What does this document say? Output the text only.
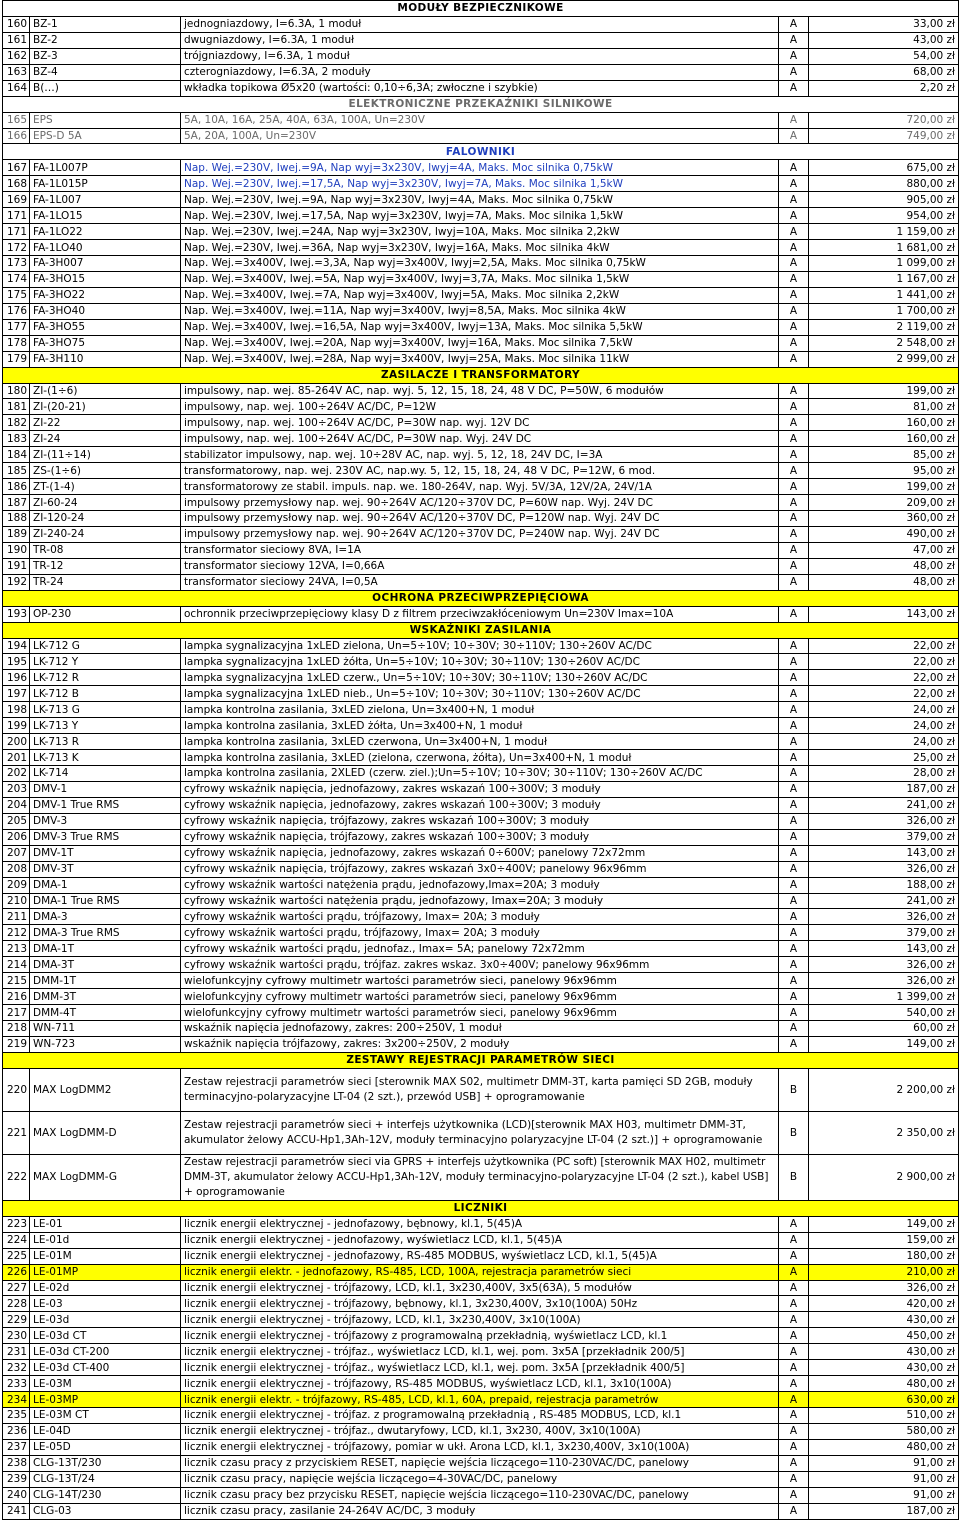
MODUŁY BEZPIECZNIKOWE				
160	BZ-1	jednogniazdowy, I=6.3A, 1 moduł	A	33,00 zł
161	BZ-2	dwugniazdowy, I=6.3A, 1 moduł	A	43,00 zł
162	BZ-3	trójgniazdowy, I=6.3A, 1 moduł	A	54,00 zł
163	BZ-4	czterogniazdowy, I=6.3A, 2 moduły	A	68,00 zł
164	B(…)	wkładka topikowa Ø5x20 (wartości: 0,10÷6,3A; zwłoczne i szybkie)	A	2,20 zł
ELEKTRONICZNE PRZEKAŹNIKI SILNIKOWE				
165	EPS	5A, 10A, 16A, 25A, 40A, 63A, 100A, Un=230V	A	720,00 zł
166	EPS-D 5A	5A, 20A, 100A, Un=230V	A	749,00 zł
FALOWNIKI				
167	FA-1L007P	Nap. Wej.=230V, Iwej.=9A, Nap wyj=3x230V, Iwyj=4A, Maks. Moc silnika 0,75kW	A	675,00 zł
168	FA-1L015P	Nap. Wej.=230V, Iwej.=17,5A, Nap wyj=3x230V, Iwyj=7A, Maks. Moc silnika 1,5kW	A	880,00 zł
169	FA-1L007	Nap. Wej.=230V, Iwej.=9A, Nap wyj=3x230V, Iwyj=4A, Maks. Moc silnika 0,75kW	A	905,00 zł
171	FA-1LO15	Nap. Wej.=230V, Iwej.=17,5A, Nap wyj=3x230V, Iwyj=7A, Maks. Moc silnika 1,5kW	A	954,00 zł
171	FA-1LO22	Nap. Wej.=230V, Iwej.=24A, Nap wyj=3x230V, Iwyj=10A, Maks. Moc silnika 2,2kW	A	1 159,00 zł
172	FA-1LO40	Nap. Wej.=230V, Iwej.=36A, Nap wyj=3x230V, Iwyj=16A, Maks. Moc silnika 4kW	A	1 681,00 zł
173	FA-3H007	Nap. Wej.=3x400V, Iwej.=3,3A, Nap wyj=3x400V, Iwyj=2,5A, Maks. Moc silnika 0,75kW	A	1 099,00 zł
174	FA-3HO15	Nap. Wej.=3x400V, Iwej.=5A, Nap wyj=3x400V, Iwyj=3,7A, Maks. Moc silnika 1,5kW	A	1 167,00 zł
175	FA-3HO22	Nap. Wej.=3x400V, Iwej.=7A, Nap wyj=3x400V, Iwyj=5A, Maks. Moc silnika 2,2kW	A	1 441,00 zł
176	FA-3HO40	Nap. Wej.=3x400V, Iwej.=11A, Nap wyj=3x400V, Iwyj=8,5A, Maks. Moc silnika 4kW	A	1 700,00 zł
177	FA-3HO55	Nap. Wej.=3x400V, Iwej.=16,5A, Nap wyj=3x400V, Iwyj=13A, Maks. Moc silnika 5,5kW	A	2 119,00 zł
178	FA-3HO75	Nap. Wej.=3x400V, Iwej.=20A, Nap wyj=3x400V, Iwyj=16A, Maks. Moc silnika 7,5kW	A	2 548,00 zł
179	FA-3H110	Nap. Wej.=3x400V, Iwej.=28A, Nap wyj=3x400V, Iwyj=25A, Maks. Moc silnika 11kW	A	2 999,00 zł
ZASILACZE I TRANSFORMATORY				
180	ZI-(1÷6)	impulsowy, nap. wej. 85-264V AC, nap. wyj. 5, 12, 15, 18, 24, 48 V DC, P=50W, 6 modułów	A	199,00 zł
181	ZI-(20-21)	impulsowy, nap. wej. 100÷264V AC/DC, P=12W	A	81,00 zł
182	ZI-22	impulsowy, nap. wej. 100÷264V AC/DC, P=30W nap. wyj. 12V DC	A	160,00 zł
183	ZI-24	impulsowy, nap. wej. 100÷264V AC/DC, P=30W nap. Wyj. 24V DC	A	160,00 zł
184	ZI-(11÷14)	stabilizator impulsowy, nap. wej. 10÷28V AC, nap. wyj. 5, 12, 18, 24V DC, I=3A	A	85,00 zł
185	ZS-(1÷6)	transformatorowy, nap. wej. 230V AC, nap.wy. 5, 12, 15, 18, 24, 48 V DC, P=12W, 6 mod.	A	95,00 zł
186	ZT-(1-4)	transformatorowy ze stabil. impuls. nap. we. 180-264V, nap. Wyj. 5V/3A, 12V/2A, 24V/1A	A	199,00 zł
187	ZI-60-24	impulsowy przemysłowy nap. wej. 90÷264V AC/120÷370V DC, P=60W nap. Wyj. 24V DC	A	209,00 zł
188	ZI-120-24	impulsowy przemysłowy nap. wej. 90÷264V AC/120÷370V DC, P=120W nap. Wyj. 24V DC	A	360,00 zł
189	ZI-240-24	impulsowy przemysłowy nap. wej. 90÷264V AC/120÷370V DC, P=240W nap. Wyj. 24V DC	A	490,00 zł
190	TR-08	transformator sieciowy 8VA, I=1A	A	47,00 zł
191	TR-12	transformator sieciowy 12VA, I=0,66A	A	48,00 zł
192	TR-24	transformator sieciowy 24VA, I=0,5A	A	48,00 zł
OCHRONA PRZECIWPRZEPIĘCIOWA				
193	OP-230	ochronnik przeciwprzepięciowy klasy D z filtrem przeciwzakłóceniowym Un=230V Imax=10A	A	143,00 zł
WSKAŹNIKI ZASILANIA				
194	LK-712 G	lampka sygnalizacyjna 1xLED zielona, Un=5÷10V; 10÷30V; 30÷110V; 130÷260V AC/DC	A	22,00 zł
195	LK-712 Y	lampka sygnalizacyjna 1xLED żółta, Un=5÷10V; 10÷30V; 30÷110V; 130÷260V AC/DC	A	22,00 zł
196	LK-712 R	lampka sygnalizacyjna 1xLED czerw., Un=5÷10V; 10÷30V; 30÷110V; 130÷260V AC/DC	A	22,00 zł
197	LK-712 B	lampka sygnalizacyjna 1xLED nieb., Un=5÷10V; 10÷30V; 30÷110V; 130÷260V AC/DC	A	22,00 zł
198	LK-713 G	lampka kontrolna zasilania, 3xLED zielona, Un=3x400+N, 1 moduł	A	24,00 zł
199	LK-713 Y	lampka kontrolna zasilania, 3xLED żółta, Un=3x400+N, 1 moduł	A	24,00 zł
200	LK-713 R	lampka kontrolna zasilania, 3xLED czerwona, Un=3x400+N, 1 moduł	A	24,00 zł
201	LK-713 K	lampka kontrolna zasilania, 3xLED (zielona, czerwona, żółta), Un=3x400+N, 1 moduł	A	25,00 zł
202	LK-714	lampka kontrolna zasilania, 2XLED (czerw. ziel.);Un=5÷10V; 10÷30V; 30÷110V; 130÷260V AC/DC	A	28,00 zł
203	DMV-1	cyfrowy wskaźnik napięcia, jednofazowy, zakres wskazań 100÷300V; 3 moduły	A	187,00 zł
204	DMV-1 True RMS	cyfrowy wskaźnik napięcia, jednofazowy, zakres wskazań 100÷300V; 3 moduły	A	241,00 zł
205	DMV-3	cyfrowy wskaźnik napięcia, trójfazowy, zakres wskazań 100÷300V; 3 moduły	A	326,00 zł
206	DMV-3 True RMS	cyfrowy wskaźnik napięcia, trójfazowy, zakres wskazań 100÷300V; 3 moduły	A	379,00 zł
207	DMV-1T	cyfrowy wskaźnik napięcia, jednofazowy, zakres wskazań 0÷600V; panelowy 72x72mm	A	143,00 zł
208	DMV-3T	cyfrowy wskaźnik napięcia, trójfazowy, zakres wskazań 3x0÷400V; panelowy 96x96mm	A	326,00 zł
209	DMA-1	cyfrowy wskaźnik wartości natężenia prądu, jednofazowy,Imax=20A; 3 moduły	A	188,00 zł
210	DMA-1 True RMS	cyfrowy wskaźnik wartości natężenia prądu, jednofazowy, Imax=20A; 3 moduły	A	241,00 zł
211	DMA-3	cyfrowy wskaźnik wartości prądu, trójfazowy, Imax= 20A; 3 moduły	A	326,00 zł
212	DMA-3 True RMS	cyfrowy wskaźnik wartości prądu, trójfazowy, Imax= 20A; 3 moduły	A	379,00 zł
213	DMA-1T	cyfrowy wskaźnik wartości prądu, jednofaz., Imax= 5A; panelowy 72x72mm	A	143,00 zł
214	DMA-3T	cyfrowy wskaźnik wartości prądu, trójfaz. zakres wskaz. 3x0÷400V; panelowy 96x96mm	A	326,00 zł
215	DMM-1T	wielofunkcyjny cyfrowy multimetr wartości parametrów sieci, panelowy 96x96mm	A	326,00 zł
216	DMM-3T	wielofunkcyjny cyfrowy multimetr wartości parametrów sieci, panelowy 96x96mm	A	1 399,00 zł
217	DMM-4T	wielofunkcyjny cyfrowy multimetr wartości parametrów sieci, panelowy 96x96mm	A	540,00 zł
218	WN-711	wskaźnik napięcia jednofazowy, zakres: 200÷250V, 1 moduł	A	60,00 zł
219	WN-723	wskaźnik napięcia trójfazowy, zakres: 3x200÷250V, 2 moduły	A	149,00 zł
ZESTAWY REJESTRACJI PARAMETRÓW SIECI				
220	MAX LogDMM2	Zestaw rejestracji parametrów sieci [sterownik MAX S02, multimetr DMM-3T, karta pamięci SD 2GB, moduły terminacyjno-polaryzacyjne LT-04 (2 szt.), przewód USB] + oprogramowanie	B	2 200,00 zł
221	MAX LogDMM-D	Zestaw rejestracji parametrów sieci + interfejs użytkownika (LCD)[sterownik MAX H03, multimetr DMM-3T, akumulator żelowy ACCU-Hp1,3Ah-12V, moduły terminacyjno polaryzacyjne LT-04 (2 szt.)] + oprogramowanie	B	2 350,00 zł
222	MAX LogDMM-G	Zestaw rejestracji parametrów sieci via GPRS + interfejs użytkownika (PC soft) [sterownik MAX H02, multimetr DMM-3T, akumulator żelowy ACCU-Hp1,3Ah-12V, moduły terminacyjno-polaryzacyjne LT-04 (2 szt.), kabel USB] + oprogramowanie	B	2 900,00 zł
LICZNIKI				
223	LE-01	licznik energii elektrycznej - jednofazowy, bębnowy, kl.1, 5(45)A	A	149,00 zł
224	LE-01d	licznik energii elektrycznej - jednofazowy, wyświetlacz LCD, kl.1, 5(45)A	A	159,00 zł
225	LE-01M	licznik energii elektrycznej - jednofazowy, RS-485 MODBUS, wyświetlacz LCD, kl.1, 5(45)A	A	180,00 zł
226	LE-01MP	licznik energii elektr. - jednofazowy, RS-485, LCD, 100A, rejestracja parametrów sieci	A	210,00 zł
227	LE-02d	licznik energii elektrycznej - trójfazowy, LCD, kl.1, 3x230,400V, 3x5(63A), 5 modułów	A	326,00 zł
228	LE-03	licznik energii elektrycznej - trójfazowy, bębnowy, kl.1, 3x230,400V, 3x10(100A) 50Hz	A	420,00 zł
229	LE-03d	licznik energii elektrycznej - trójfazowy, LCD, kl.1, 3x230,400V, 3x10(100A)	A	430,00 zł
230	LE-03d CT	licznik energii elektrycznej - trójfazowy z programowalną przekładnią, wyświetlacz LCD, kl.1	A	450,00 zł
231	LE-03d CT-200	licznik energii elektrycznej - trójfaz., wyświetlacz LCD, kl.1, wej. pom. 3x5A [przekładnik 200/5]	A	430,00 zł
232	LE-03d CT-400	licznik energii elektrycznej - trójfaz., wyświetlacz LCD, kl.1, wej. pom. 3x5A [przekładnik 400/5]	A	430,00 zł
233	LE-03M	licznik energii elektrycznej - trójfazowy, RS-485 MODBUS, wyświetlacz LCD, kl.1, 3x10(100A)	A	480,00 zł
234	LE-03MP	licznik energii elektr. - trójfazowy, RS-485, LCD, kl.1, 60A, prepaid, rejestracja parametrów	A	630,00 zł
235	LE-03M CT	licznik energii elektrycznej - trójfaz. z programowalną przekładnią , RS-485 MODBUS, LCD, kl.1	A	510,00 zł
236	LE-04D	licznik energii elektrycznej - trójfaz., dwutaryfowy, LCD, kl.1, 3x230, 400V, 3x10(100A)	A	580,00 zł
237	LE-05D	licznik energii elektrycznej - trójfazowy, pomiar w ukł. Arona LCD, kl.1, 3x230,400V, 3x10(100A)	A	480,00 zł
238	CLG-13T/230	licznik czasu pracy z przyciskiem RESET, napięcie wejścia liczącego=110-230VAC/DC, panelowy	A	91,00 zł
239	CLG-13T/24	licznik czasu pracy, napięcie wejścia liczącego=4-30VAC/DC, panelowy	A	91,00 zł
240	CLG-14T/230	licznik czasu pracy bez przycisku RESET, napięcie wejścia liczącego=110-230VAC/DC, panelowy	A	91,00 zł
241	CLG-03	licznik czasu pracy, zasilanie 24-264V AC/DC, 3 moduły	A	187,00 zł
